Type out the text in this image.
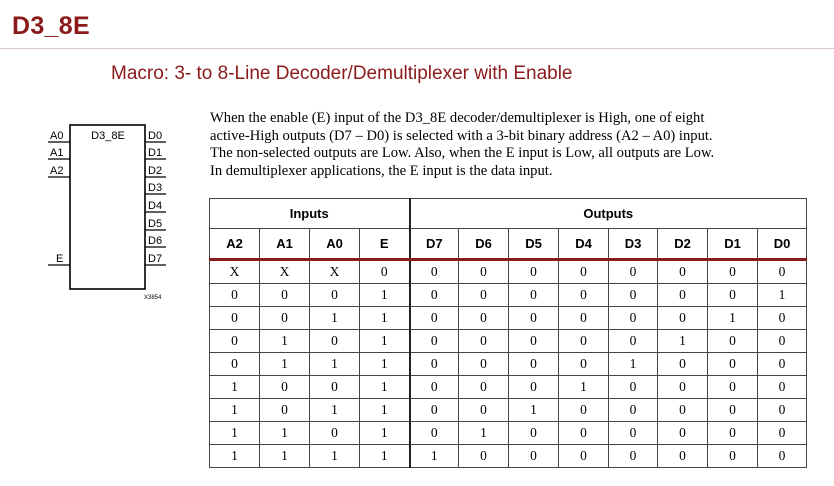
D3_8E
Macro: 3- to 8-Line Decoder/Demultiplexer with Enable
D3_8E
A0
A1
A2
E
D0
D1
D2
D3
D4
D5
D6
D7
X3854
When the enable (E) input of the D3_8E decoder/demultiplexer is High, one of eight
active-High outputs (D7 – D0) is selected with a 3-bit binary address (A2 – A0) input.
The non-selected outputs are Low. Also, when the E input is Low, all outputs are Low.
In demultiplexer applications, the E input is the data input.
Inputs				Outputs							
A2	A1	A0	E	D7	D6	D5	D4	D3	D2	D1	D0
X	X	X	0	0	0	0	0	0	0	0	0
0	0	0	1	0	0	0	0	0	0	0	1
0	0	1	1	0	0	0	0	0	0	1	0
0	1	0	1	0	0	0	0	0	1	0	0
0	1	1	1	0	0	0	0	1	0	0	0
1	0	0	1	0	0	0	1	0	0	0	0
1	0	1	1	0	0	1	0	0	0	0	0
1	1	0	1	0	1	0	0	0	0	0	0
1	1	1	1	1	0	0	0	0	0	0	0
